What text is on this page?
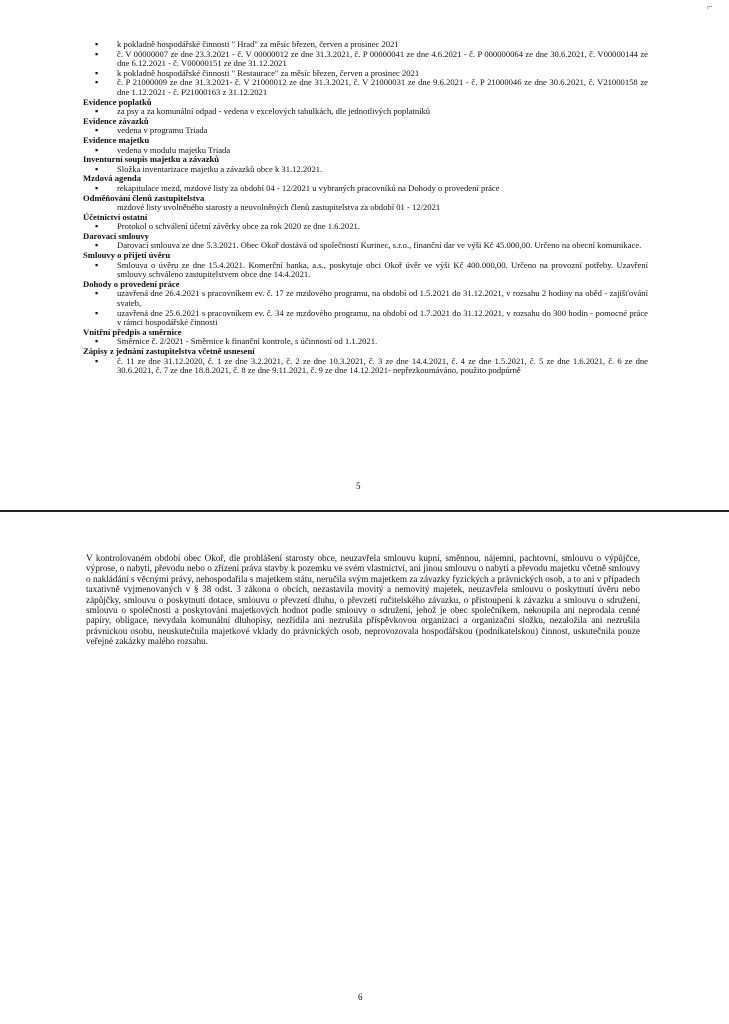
⌐
▪ k pokladně hospodářské činnosti " Hrad" za měsíc březen, červen a prosinec 2021
▪ č. V 00000007 ze dne 23.3.2021 - č. V 00000012 ze dne 31.3.2021, č. P 00000041 ze dne 4.6.2021 - č. P 000000064 ze dne 30.6.2021, č. V00000144 ze dne 6.12.2021 - č. V00000151 ze dne 31.12.2021
▪ k pokladně hospodářské činnosti " Restaurace" za měsíc březen, červen a prosinec 2021
▪ č. P 21000009 ze dne 31.3.2021- č. V 21000012 ze dne 31.3.2021, č. V 21000031 ze dne 9.6.2021 - č. P 21000046 ze dne 30.6.2021, č. V21000158 ze dne 1.12.2021 - č. P21000163 z 31.12.2021
Evidence poplatků
▪ za psy a za komunální odpad - vedena v excelových tabulkách, dle jednotlivých poplatníků
Evidence závazků
▪ vedena v programu Triada
Evidence majetku
▪ vedena v modulu majetku Triada
Inventurní soupis majetku a závazků
▪ Složka inventarizace majetku a závazků obce k 31.12.2021.
Mzdová agenda
▪ rekapitulace mezd, mzdové listy za období 04 - 12/2021 u vybraných pracovníků na Dohody o provedení práce
Odměňování členů zastupitelstva
mzdové listy uvolněného starosty a neuvolněných členů zastupitelstva za období 01 - 12/2021
Účetnictví ostatní
▪ Protokol o schválení účetní závěrky obce za rok 2020 ze dne 1.6.2021.
Darovací smlouvy
▪ Darovací smlouva ze dne 5.3.2021. Obec Okoř dostává od společnosti Kurinec, s.r.o., finanční dar ve výši Kč 45.000,00. Určeno na obecní komunikace.
Smlouvy o přijetí úvěru
▪ Smlouva o úvěru ze dne 15.4.2021. Komerční banka, a.s., poskytuje obci Okoř úvěr ve výši Kč 400.000,00. Určeno na provozní potřeby. Uzavření smlouvy schváleno zastupitelstvem obce dne 14.4.2021.
Dohody o provedení práce
▪ uzavřená dne 26.4.2021 s pracovníkem ev. č. 17 ze mzdového programu, na období od 1.5.2021 do 31.12.2021, v rozsahu 2 hodiny na oběd - zajišťování svateb,
▪ uzavřená dne 25.6.2021 s pracovníkem ev. č. 34 ze mzdového programu, na období od 1.7.2021 do 31.12.2021, v rozsahu do 300 hodin - pomocné práce v rámci hospodářské činnosti
Vnitřní předpis a směrnice
▪ Směrnice č. 2/2021 - Směrnice k finanční kontrole, s účinností od 1.1.2021.
Zápisy z jednání zastupitelstva včetně usnesení
▪ č. 11 ze dne 31.12.2020, č. 1 ze dne 3.2.2021, č. 2 ze dne 10.3.2021, č. 3 ze dne 14.4.2021, č. 4 ze dne 1.5.2021, č. 5 ze dne 1.6.2021, č. 6 ze dne 30.6.2021, č. 7 ze dne 18.8.2021, č. 8 ze dne 9.11.2021, č. 9 ze dne 14.12.2021- nepřezkoumáváno, použito podpůrně
5
V kontrolovaném období obec Okoř, dle prohlášení starosty obce, neuzavřela smlouvu kupní, směnnou, nájemní, pachtovní, smlouvu o výpůjčce, výprose, o nabytí, převodu nebo o zřízení práva stavby k pozemku ve svém vlastnictví, ani jinou smlouvu o nabytí a převodu majetku včetně smlouvy o nakládání s věcnými právy, nehospodařila s majetkem státu, neručila svým majetkem za závazky fyzických a právnických osob, a to ani v případech taxativně vyjmenovaných v § 38 odst. 3 zákona o obcích, nezastavila movitý a nemovitý majetek, neuzavřela smlouvu o poskytnutí úvěru nebo zápůjčky, smlouvu o poskytnutí dotace, smlouvu o převzetí dluhu, o převzetí ručitelského závazku, o přistoupení k závazku a smlouvu o sdružení, smlouvu o společnosti a poskytování majetkových hodnot podle smlouvy o sdružení, jehož je obec společníkem, nekoupila ani neprodala cenné papíry, obligace, nevydala komunální dluhopisy, nezřídila ani nezrušila příspěvkovou organizaci a organizační složku, nezaložila ani nezrušila právnickou osobu, neuskutečnila majetkové vklady do právnických osob, neprovozovala hospodářskou (podnikatelskou) činnost, uskutečnila pouze veřejné zakázky malého rozsahu.
6
